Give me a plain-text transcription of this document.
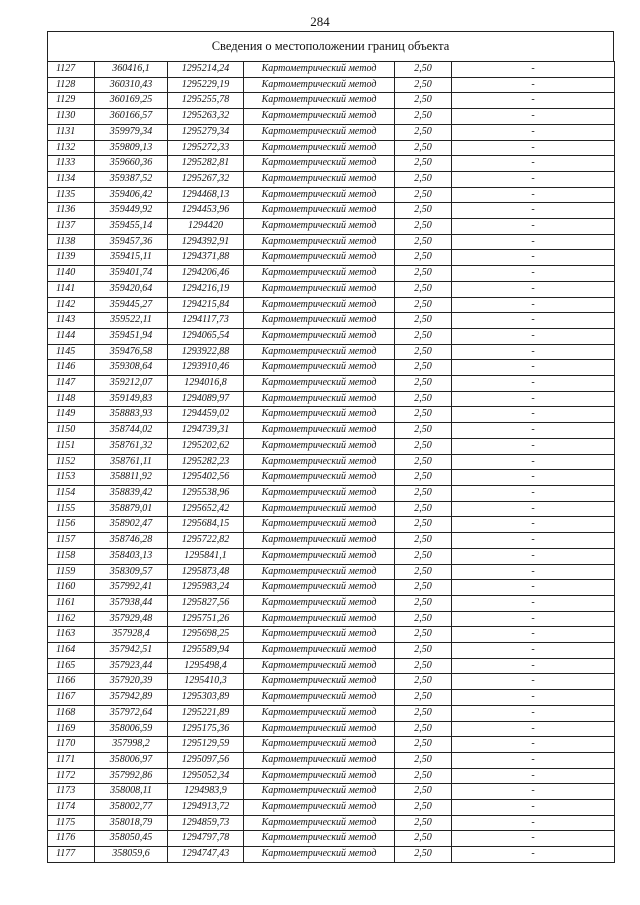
284
Сведения о местоположении границ объекта
1127	360416,1	1295214,24	Картометрический метод	2,50	-
1128	360310,43	1295229,19	Картометрический метод	2,50	-
1129	360169,25	1295255,78	Картометрический метод	2,50	-
1130	360166,57	1295263,32	Картометрический метод	2,50	-
1131	359979,34	1295279,34	Картометрический метод	2,50	-
1132	359809,13	1295272,33	Картометрический метод	2,50	-
1133	359660,36	1295282,81	Картометрический метод	2,50	-
1134	359387,52	1295267,32	Картометрический метод	2,50	-
1135	359406,42	1294468,13	Картометрический метод	2,50	-
1136	359449,92	1294453,96	Картометрический метод	2,50	-
1137	359455,14	1294420	Картометрический метод	2,50	-
1138	359457,36	1294392,91	Картометрический метод	2,50	-
1139	359415,11	1294371,88	Картометрический метод	2,50	-
1140	359401,74	1294206,46	Картометрический метод	2,50	-
1141	359420,64	1294216,19	Картометрический метод	2,50	-
1142	359445,27	1294215,84	Картометрический метод	2,50	-
1143	359522,11	1294117,73	Картометрический метод	2,50	-
1144	359451,94	1294065,54	Картометрический метод	2,50	-
1145	359476,58	1293922,88	Картометрический метод	2,50	-
1146	359308,64	1293910,46	Картометрический метод	2,50	-
1147	359212,07	1294016,8	Картометрический метод	2,50	-
1148	359149,83	1294089,97	Картометрический метод	2,50	-
1149	358883,93	1294459,02	Картометрический метод	2,50	-
1150	358744,02	1294739,31	Картометрический метод	2,50	-
1151	358761,32	1295202,62	Картометрический метод	2,50	-
1152	358761,11	1295282,23	Картометрический метод	2,50	-
1153	358811,92	1295402,56	Картометрический метод	2,50	-
1154	358839,42	1295538,96	Картометрический метод	2,50	-
1155	358879,01	1295652,42	Картометрический метод	2,50	-
1156	358902,47	1295684,15	Картометрический метод	2,50	-
1157	358746,28	1295722,82	Картометрический метод	2,50	-
1158	358403,13	1295841,1	Картометрический метод	2,50	-
1159	358309,57	1295873,48	Картометрический метод	2,50	-
1160	357992,41	1295983,24	Картометрический метод	2,50	-
1161	357938,44	1295827,56	Картометрический метод	2,50	-
1162	357929,48	1295751,26	Картометрический метод	2,50	-
1163	357928,4	1295698,25	Картометрический метод	2,50	-
1164	357942,51	1295589,94	Картометрический метод	2,50	-
1165	357923,44	1295498,4	Картометрический метод	2,50	-
1166	357920,39	1295410,3	Картометрический метод	2,50	-
1167	357942,89	1295303,89	Картометрический метод	2,50	-
1168	357972,64	1295221,89	Картометрический метод	2,50	-
1169	358006,59	1295175,36	Картометрический метод	2,50	-
1170	357998,2	1295129,59	Картометрический метод	2,50	-
1171	358006,97	1295097,56	Картометрический метод	2,50	-
1172	357992,86	1295052,34	Картометрический метод	2,50	-
1173	358008,11	1294983,9	Картометрический метод	2,50	-
1174	358002,77	1294913,72	Картометрический метод	2,50	-
1175	358018,79	1294859,73	Картометрический метод	2,50	-
1176	358050,45	1294797,78	Картометрический метод	2,50	-
1177	358059,6	1294747,43	Картометрический метод	2,50	-
